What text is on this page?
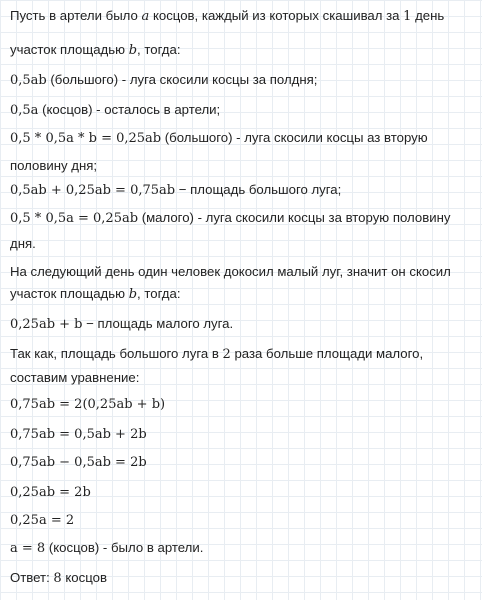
Пусть в артели было a косцов, каждый из которых скашивал за 1 день
участок площадью b, тогда:
0,5ab (большого) - луга скосили косцы за полдня;
0,5a (косцов) - осталось в артели;
0,5 * 0,5a * b = 0,25ab (большого) - луга скосили косцы аз вторую
половину дня;
0,5ab + 0,25ab = 0,75ab − площадь большого луга;
0,5 * 0,5a = 0,25ab (малого) - луга скосили косцы за вторую половину
дня.
На следующий день один человек докосил малый луг, значит он скосил
участок площадью b, тогда:
0,25ab + b − площадь малого луга.
Так как, площадь большого луга в 2 раза больше площади малого,
составим уравнение:
0,75ab = 2(0,25ab + b)
0,75ab = 0,5ab + 2b
0,75ab − 0,5ab = 2b
0,25ab = 2b
0,25a = 2
a = 8 (косцов) - было в артели.
Ответ: 8 косцов
